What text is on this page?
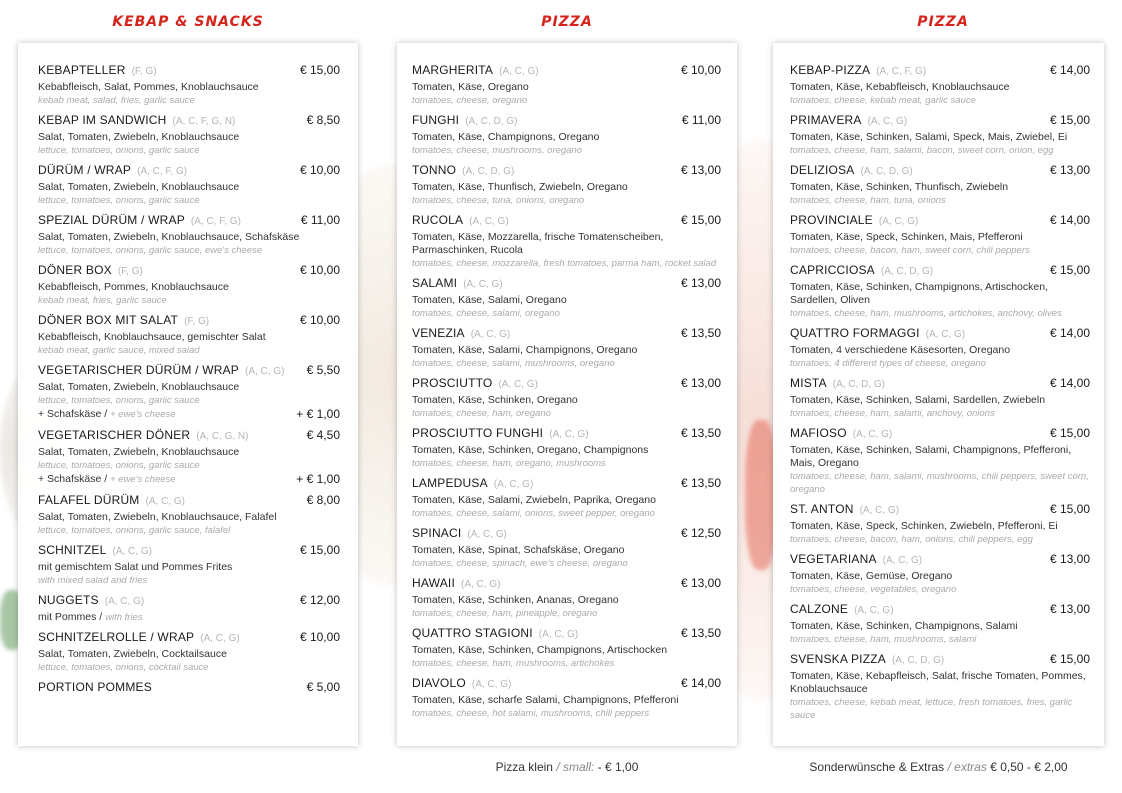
KEBAP & SNACKS	PIZZA	PIZZA
KEBAPTELLER (F, G)	€ 15,00
Kebabfleisch, Salat, Pommes, Knoblauchsauce
kebab meat, salad, fries, garlic sauce
KEBAP IM SANDWICH (A, C, F, G, N)	€ 8,50
Salat, Tomaten, Zwiebeln, Knoblauchsauce
lettuce, tomatoes, onions, garlic sauce
DÜRÜM / WRAP (A, C, F, G)	€ 10,00
Salat, Tomaten, Zwiebeln, Knoblauchsauce
lettuce, tomatoes, onions, garlic sauce
SPEZIAL DÜRÜM / WRAP (A, C, F, G)	€ 11,00
Salat, Tomaten, Zwiebeln, Knoblauchsauce, Schafskäse
lettuce, tomatoes, onions, garlic sauce, ewe's cheese
DÖNER BOX (F, G)	€ 10,00
Kebabfleisch, Pommes, Knoblauchsauce
kebab meat, fries, garlic sauce
DÖNER BOX MIT SALAT (F, G)	€ 10,00
Kebabfleisch, Knoblauchsauce, gemischter Salat
kebab meat, garlic sauce, mixed salad
VEGETARISCHER DÜRÜM / WRAP (A, C, G) € 5,50
Salat, Tomaten, Zwiebeln, Knoblauchsauce
lettuce, tomatoes, onions, garlic sauce
+ Schafskäse / + ewe's cheese	+ € 1,00
VEGETARISCHER DÖNER (A, C, G, N)	€ 4,50
Salat, Tomaten, Zwiebeln, Knoblauchsauce
lettuce, tomatoes, onions, garlic sauce
+ Schafskäse / + ewe's cheese	+ € 1,00
FALAFEL DÜRÜM (A, C, G)	€ 8,00
Salat, Tomaten, Zwiebeln, Knoblauchsauce, Falafel
lettuce, tomatoes, onions, garlic sauce, falafel
SCHNITZEL (A, C, G)	€ 15,00
mit gemischtem Salat und Pommes Frites
with mixed salad and fries
NUGGETS (A, C, G)	€ 12,00
mit Pommes / with fries
SCHNITZELROLLE / WRAP (A, C, G)	€ 10,00
Salat, Tomaten, Zwiebeln, Cocktailsauce
lettuce, tomatoes, onions, cocktail sauce
PORTION POMMES	€ 5,00
MARGHERITA (A, C, G)	€ 10,00
Tomaten, Käse, Oregano
tomatoes, cheese, oregano
FUNGHI (A, C, D, G)	€ 11,00
Tomaten, Käse, Champignons, Oregano
tomatoes, cheese, mushrooms, oregano
TONNO (A, C, D, G)	€ 13,00
Tomaten, Käse, Thunfisch, Zwiebeln, Oregano
tomatoes, cheese, tuna, onions, oregano
RUCOLA (A, C, G)	€ 15,00
Tomaten, Käse, Mozzarella, frische Tomatenscheiben, Parmaschinken, Rucola
tomatoes, cheese, mozzarella, fresh tomatoes, parma ham, rocket salad
SALAMI (A, C, G)	€ 13,00
Tomaten, Käse, Salami, Oregano
tomatoes, cheese, salami, oregano
VENEZIA (A, C, G)	€ 13,50
Tomaten, Käse, Salami, Champignons, Oregano
tomatoes, cheese, salami, mushrooms, oregano
PROSCIUTTO (A, C, G)	€ 13,00
Tomaten, Käse, Schinken, Oregano
tomatoes, cheese, ham, oregano
PROSCIUTTO FUNGHI (A, C, G)	€ 13,50
Tomaten, Käse, Schinken, Oregano, Champignons
tomatoes, cheese, ham, oregano, mushrooms
LAMPEDUSA (A, C, G)	€ 13,50
Tomaten, Käse, Salami, Zwiebeln, Paprika, Oregano
tomatoes, cheese, salami, onions, sweet pepper, oregano
SPINACI (A, C, G)	€ 12,50
Tomaten, Käse, Spinat, Schafskäse, Oregano
tomatoes, cheese, spinach, ewe's cheese, oregano
HAWAII (A, C, G)	€ 13,00
Tomaten, Käse, Schinken, Ananas, Oregano
tomatoes, cheese, ham, pineapple, oregano
QUATTRO STAGIONI (A, C, G)	€ 13,50
Tomaten, Käse, Schinken, Champignons, Artischocken
tomatoes, cheese, ham, mushrooms, artichokes
DIAVOLO (A, C, G)	€ 14,00
Tomaten, Käse, scharfe Salami, Champignons, Pfefferoni
tomatoes, cheese, hot salami, mushrooms, chili peppers
KEBAP-PIZZA (A, C, F, G)	€ 14,00
Tomaten, Käse, Kebabfleisch, Knoblauchsauce
tomatoes, cheese, kebab meat, garlic sauce
PRIMAVERA (A, C, G)	€ 15,00
Tomaten, Käse, Schinken, Salami, Speck, Mais, Zwiebel, Ei
tomatoes, cheese, ham, salami, bacon, sweet corn, onion, egg
DELIZIOSA (A, C, D, G)	€ 13,00
Tomaten, Käse, Schinken, Thunfisch, Zwiebeln
tomatoes, cheese, ham, tuna, onions
PROVINCIALE (A, C, G)	€ 14,00
Tomaten, Käse, Speck, Schinken, Mais, Pfefferoni
tomatoes, cheese, bacon, ham, sweet corn, chili peppers
CAPRICCIOSA (A, C, D, G)	€ 15,00
Tomaten, Käse, Schinken, Champignons, Artischocken, Sardellen, Oliven
tomatoes, cheese, ham, mushrooms, artichokes, anchovy, olives
QUATTRO FORMAGGI (A, C, G)	€ 14,00
Tomaten, 4 verschiedene Käsesorten, Oregano
tomatoes, 4 different types of cheese, oregano
MISTA (A, C, D, G)	€ 14,00
Tomaten, Käse, Schinken, Salami, Sardellen, Zwiebeln
tomatoes, cheese, ham, salami, anchovy, onions
MAFIOSO (A, C, G)	€ 15,00
Tomaten, Käse, Schinken, Salami, Champignons, Pfefferoni, Mais, Oregano
tomatoes, cheese, ham, salami, mushrooms, chili peppers, sweet corn, oregano
ST. ANTON (A, C, G)	€ 15,00
Tomaten, Käse, Speck, Schinken, Zwiebeln, Pfefferoni, Ei
tomatoes, cheese, bacon, ham, onions, chili peppers, egg
VEGETARIANA (A, C, G)	€ 13,00
Tomaten, Käse, Gemüse, Oregano
tomatoes, cheese, vegetables, oregano
CALZONE (A, C, G)	€ 13,00
Tomaten, Käse, Schinken, Champignons, Salami
tomatoes, cheese, ham, mushrooms, salami
SVENSKA PIZZA (A, C, D, G)	€ 15,00
Tomaten, Käse, Kebapfleisch, Salat, frische Tomaten, Pommes, Knoblauchsauce
tomatoes, cheese, kebab meat, lettuce, fresh tomatoes, fries, garlic sauce
Pizza klein / small: - € 1,00	Sonderwünsche & Extras / extras € 0,50 - € 2,00
